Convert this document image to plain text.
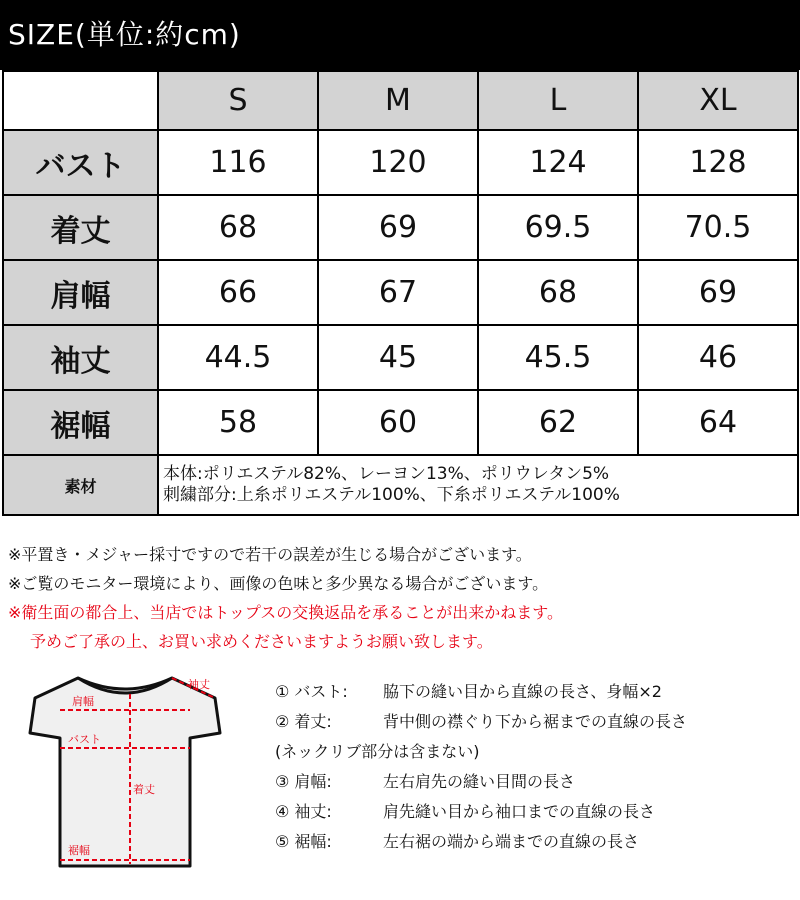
SIZE(単位:約cm)
	S	M	L	XL
バスト	116	120	124	128
着丈	68	69	69.5	70.5
肩幅	66	67	68	69
袖丈	44.5	45	45.5	46
裾幅	58	60	62	64
素材	本体:ポリエステル82%、レーヨン13%、ポリウレタン5%
刺繍部分:上糸ポリエステル100%、下糸ポリエステル100%			
※平置き・メジャー採寸ですので若干の誤差が生じる場合がございます。
※ご覧のモニター環境により、画像の色味と多少異なる場合がございます。
※衛生面の都合上、当店ではトップスの交換返品を承ることが出来かねます。
予めご了承の上、お買い求めくださいますようお願い致します。
肩幅
バスト
着丈
裾幅
袖丈	① バスト: 脇下の縫い目から直線の長さ、身幅×2
② 着丈:	背中側の襟ぐり下から裾までの直線の長さ
(ネックリブ部分は含まない)
③ 肩幅:	左右肩先の縫い目間の長さ
④ 袖丈:	肩先縫い目から袖口までの直線の長さ
⑤ 裾幅:	左右裾の端から端までの直線の長さ
